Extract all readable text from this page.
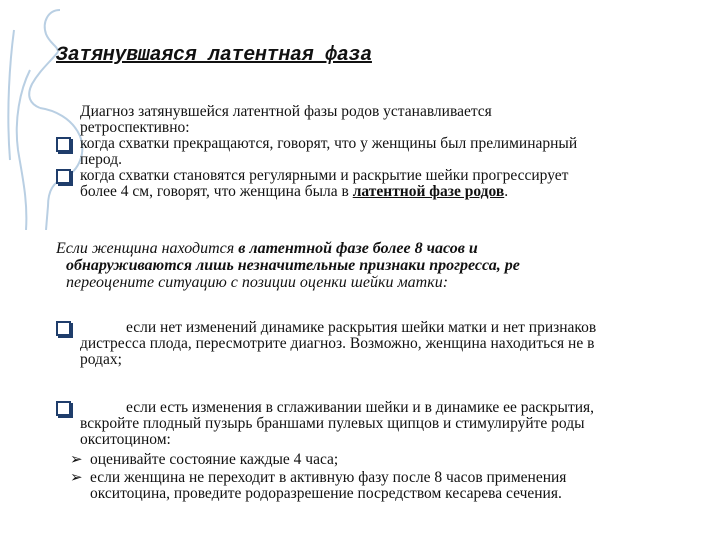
Затянувшаяся латентная фаза
Диагноз затянувшейся латентной фазы родов устанавливается
ретроспективно:
когда схватки прекращаются, говорят, что у женщины был прелиминарный
перод.
когда схватки становятся регулярными и раскрытие шейки прогрессирует
более 4 см, говорят, что женщина была в латентной фазе родов.
Если женщина находится в латентной фазе более 8 часов и
обнаруживаются лишь незначительные признаки прогресса, ре
переоцените ситуацию с позиции оценки шейки матки:
если нет изменений динамике раскрытия шейки матки и нет признаков
дистресса плода, пересмотрите диагноз. Возможно, женщина находиться не в
родах;
если есть изменения в сглаживании шейки и в динамике ее раскрытия,
вскройте плодный пузырь браншами пулевых щипцов и стимулируйте роды
окситоцином:
➢ оценивайте состояние каждые 4 часа;
➢ если женщина не переходит в активную фазу после 8 часов применения
окситоцина, проведите родоразрешение посредством кесарева сечения.
